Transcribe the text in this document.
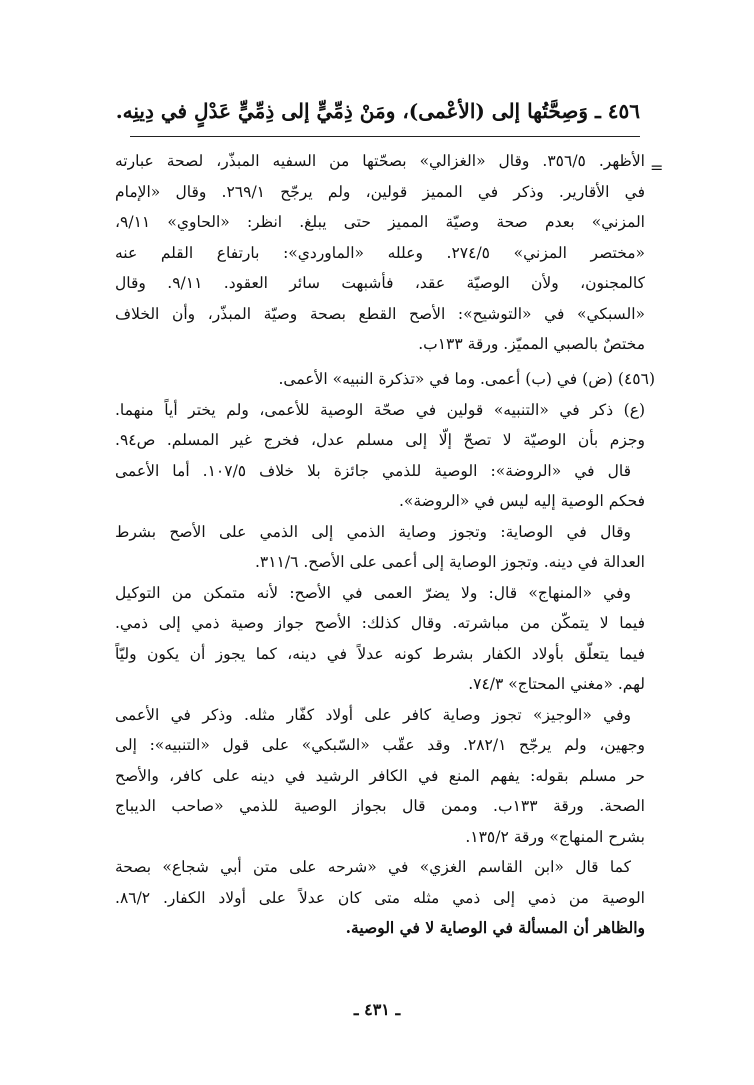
٤٥٦ ـ وَصِحَّتُها إلى (الأعْمى)، ومَنْ ذِمِّيٍّ إلى ذِمِّيٍّ عَدْلٍ في دِينِه.
=
الأظهر. ٣٥٦/٥. وقال «الغزالي» بصحّتها من السفيه المبذّر، لصحة عبارته
في الأقارير. وذكر في المميز قولين، ولم يرجّح ٢٦٩/١. وقال «الإمام
المزني» بعدم صحة وصيّة المميز حتى يبلغ. انظر: «الحاوي» ٩/١١،
«مختصر المزني» ٢٧٤/٥. وعلله «الماوردي»: بارتفاع القلم عنه
كالمجنون، ولأن الوصيّة عقد، فأشبهت سائر العقود. ٩/١١. وقال
«السبكي» في «التوشيح»: الأصح القطع بصحة وصيّة المبذّر، وأن الخلاف
مختصٌ بالصبي المميّز. ورقة ١٣٣ب.
(٤٥٦) (ض) في (ب) أعمى. وما في «تذكرة النبيه» الأعمى.
(ع) ذكر في «التنبيه» قولين في صحّة الوصية للأعمى، ولم يختر أياً منهما.
وجزم بأن الوصيّة لا تصحّ إلّا إلى مسلم عدل، فخرج غير المسلم. ص٩٤.
قال في «الروضة»: الوصية للذمي جائزة بلا خلاف ١٠٧/٥. أما الأعمى
فحكم الوصية إليه ليس في «الروضة».
وقال في الوصاية: وتجوز وصاية الذمي إلى الذمي على الأصح بشرط
العدالة في دينه. وتجوز الوصاية إلى أعمى على الأصح. ٣١١/٦.
وفي «المنهاج» قال: ولا يضرّ العمى في الأصح: لأنه متمكن من التوكيل
فيما لا يتمكّن من مباشرته. وقال كذلك: الأصح جواز وصية ذمي إلى ذمي.
فيما يتعلّق بأولاد الكفار بشرط كونه عدلاً في دينه، كما يجوز أن يكون وليّاً
لهم. «مغني المحتاج» ٧٤/٣.
وفي «الوجيز» تجوز وصاية كافر على أولاد كفّار مثله. وذكر في الأعمى
وجهين، ولم يرجّح ٢٨٢/١. وقد عقّب «السّبكي» على قول «التنبيه»: إلى
حر مسلم بقوله: يفهم المنع في الكافر الرشيد في دينه على كافر، والأصح
الصحة. ورقة ١٣٣ب. وممن قال بجواز الوصية للذمي «صاحب الديباج
بشرح المنهاج» ورقة ١٣٥/٢.
كما قال «ابن القاسم الغزي» في «شرحه على متن أبي شجاع» بصحة
الوصية من ذمي إلى ذمي مثله متى كان عدلاً على أولاد الكفار. ٨٦/٢.
والظاهر أن المسألة في الوصاية لا في الوصية.
ـ ٤٣١ ـ
